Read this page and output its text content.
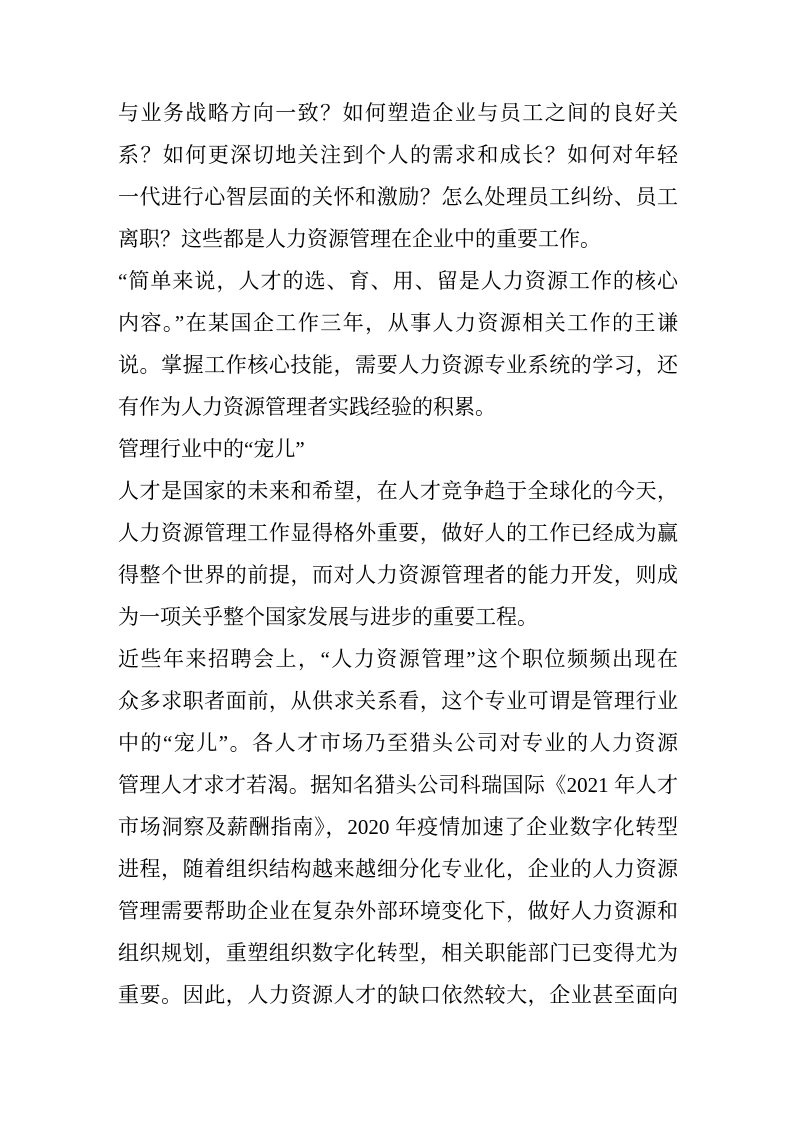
与业务战略方向一致？如何塑造企业与员工之间的良好关
系？如何更深切地关注到个人的需求和成长？如何对年轻
一代进行心智层面的关怀和激励？怎么处理员工纠纷、员工
离职？这些都是人力资源管理在企业中的重要工作。
“简单来说，人才的选、育、用、留是人力资源工作的核心
内容。”在某国企工作三年，从事人力资源相关工作的王谦
说。掌握工作核心技能，需要人力资源专业系统的学习，还
有作为人力资源管理者实践经验的积累。
管理行业中的“宠儿”
人才是国家的未来和希望，在人才竞争趋于全球化的今天，
人力资源管理工作显得格外重要，做好人的工作已经成为赢
得整个世界的前提，而对人力资源管理者的能力开发，则成
为一项关乎整个国家发展与进步的重要工程。
近些年来招聘会上，“人力资源管理”这个职位频频出现在
众多求职者面前，从供求关系看，这个专业可谓是管理行业
中的“宠儿”。各人才市场乃至猎头公司对专业的人力资源
管理人才求才若渴。据知名猎头公司科瑞国际《2021 年人才
市场洞察及薪酬指南》，2020 年疫情加速了企业数字化转型
进程，随着组织结构越来越细分化专业化，企业的人力资源
管理需要帮助企业在复杂外部环境变化下，做好人力资源和
组织规划，重塑组织数字化转型，相关职能部门已变得尤为
重要。因此，人力资源人才的缺口依然较大，企业甚至面向
